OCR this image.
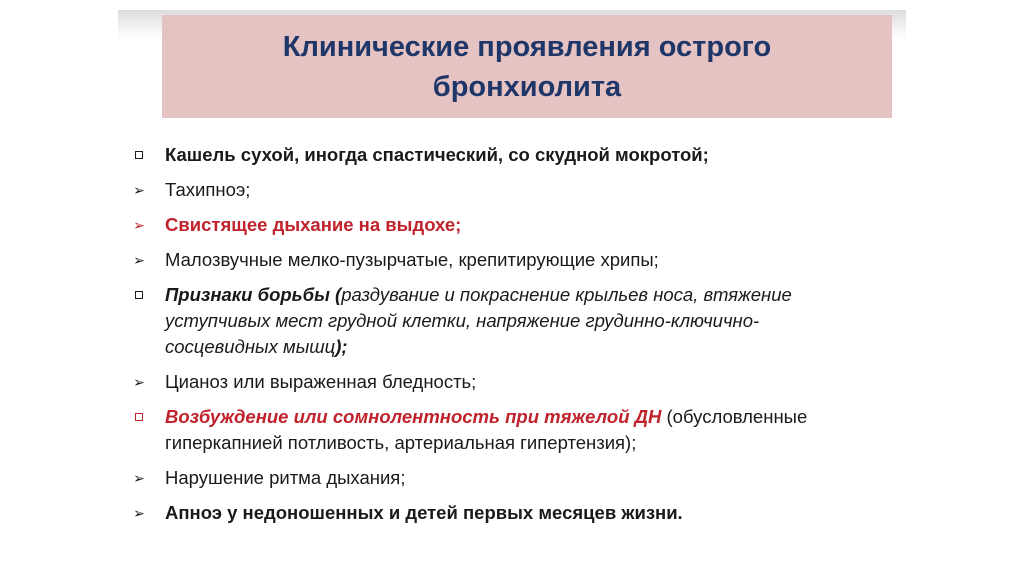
Клинические проявления острого
бронхиолита
Кашель сухой, иногда спастический, со скудной мокротой;
➢ Тахипноэ;
➢ Свистящее дыхание на выдохе;
➢ Малозвучные мелко-пузырчатые, крепитирующие хрипы;
Признаки борьбы (раздувание и покраснение крыльев носа, втяжение
уступчивых мест грудной клетки, напряжение грудинно-ключично-
сосцевидных мышц);
➢ Цианоз или выраженная бледность;
Возбуждение или сомнолентность при тяжелой ДН (обусловленные
гиперкапнией потливость, артериальная гипертензия);
➢ Нарушение ритма дыхания;
➢ Апноэ у недоношенных и детей первых месяцев жизни.
